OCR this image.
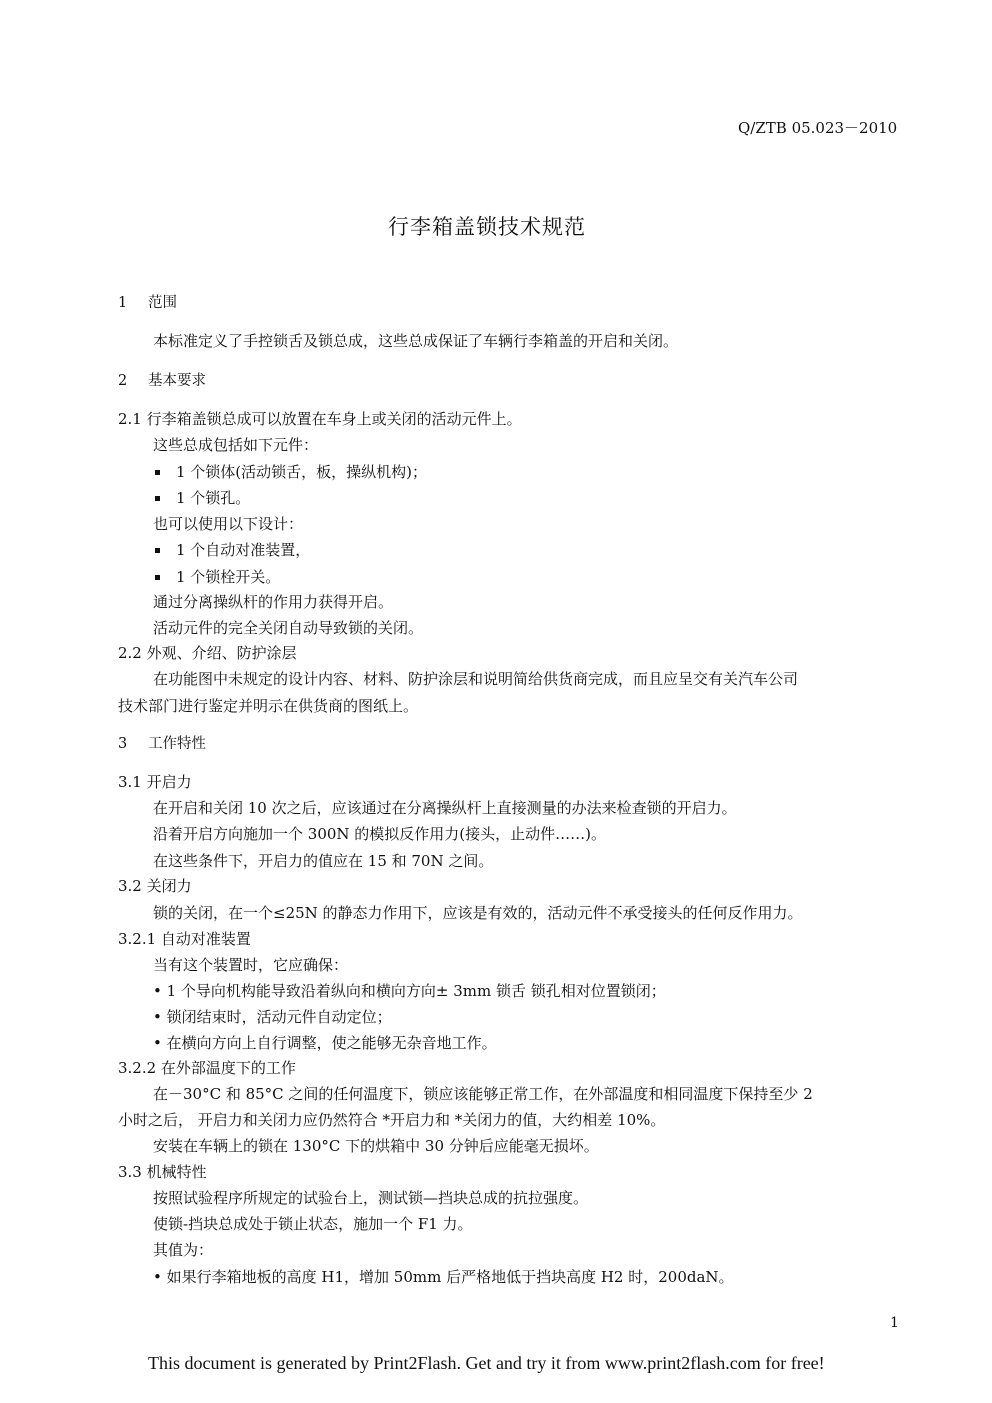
Q/ZTB 05.023－2010
行李箱盖锁技术规范
1 范围
本标准定义了手控锁舌及锁总成，这些总成保证了车辆行李箱盖的开启和关闭。
2 基本要求
2.1 行李箱盖锁总成可以放置在车身上或关闭的活动元件上。
这些总成包括如下元件：
1 个锁体(活动锁舌，板，操纵机构)；
1 个锁孔。
也可以使用以下设计：
1 个自动对准装置，
1 个锁栓开关。
通过分离操纵杆的作用力获得开启。
活动元件的完全关闭自动导致锁的关闭。
2.2 外观、介绍、防护涂层
在功能图中未规定的设计内容、材料、防护涂层和说明简给供货商完成，而且应呈交有关汽车公司
技术部门进行鉴定并明示在供货商的图纸上。
3 工作特性
3.1 开启力
在开启和关闭 10 次之后，应该通过在分离操纵杆上直接测量的办法来检查锁的开启力。
沿着开启方向施加一个 300N 的模拟反作用力(接头，止动件……)。
在这些条件下，开启力的值应在 15 和 70N 之间。
3.2 关闭力
锁的关闭，在一个≤25N 的静态力作用下，应该是有效的，活动元件不承受接头的任何反作用力。
3.2.1 自动对准装置
当有这个装置时，它应确保：
• 1 个导向机构能导致沿着纵向和横向方向± 3mm 锁舌 锁孔相对位置锁闭；
• 锁闭结束时，活动元件自动定位；
• 在横向方向上自行调整，使之能够无杂音地工作。
3.2.2 在外部温度下的工作
在－30°C 和 85°C 之间的任何温度下，锁应该能够正常工作，在外部温度和相同温度下保持至少 2
小时之后， 开启力和关闭力应仍然符合 *开启力和 *关闭力的值，大约相差 10%。
安装在车辆上的锁在 130°C 下的烘箱中 30 分钟后应能毫无损坏。
3.3 机械特性
按照试验程序所规定的试验台上，测试锁—挡块总成的抗拉强度。
使锁-挡块总成处于锁止状态，施加一个 F1 力。
其值为：
• 如果行李箱地板的高度 H1，增加 50mm 后严格地低于挡块高度 H2 时，200daN。
1
This document is generated by Print2Flash. Get and try it from www.print2flash.com for free!
